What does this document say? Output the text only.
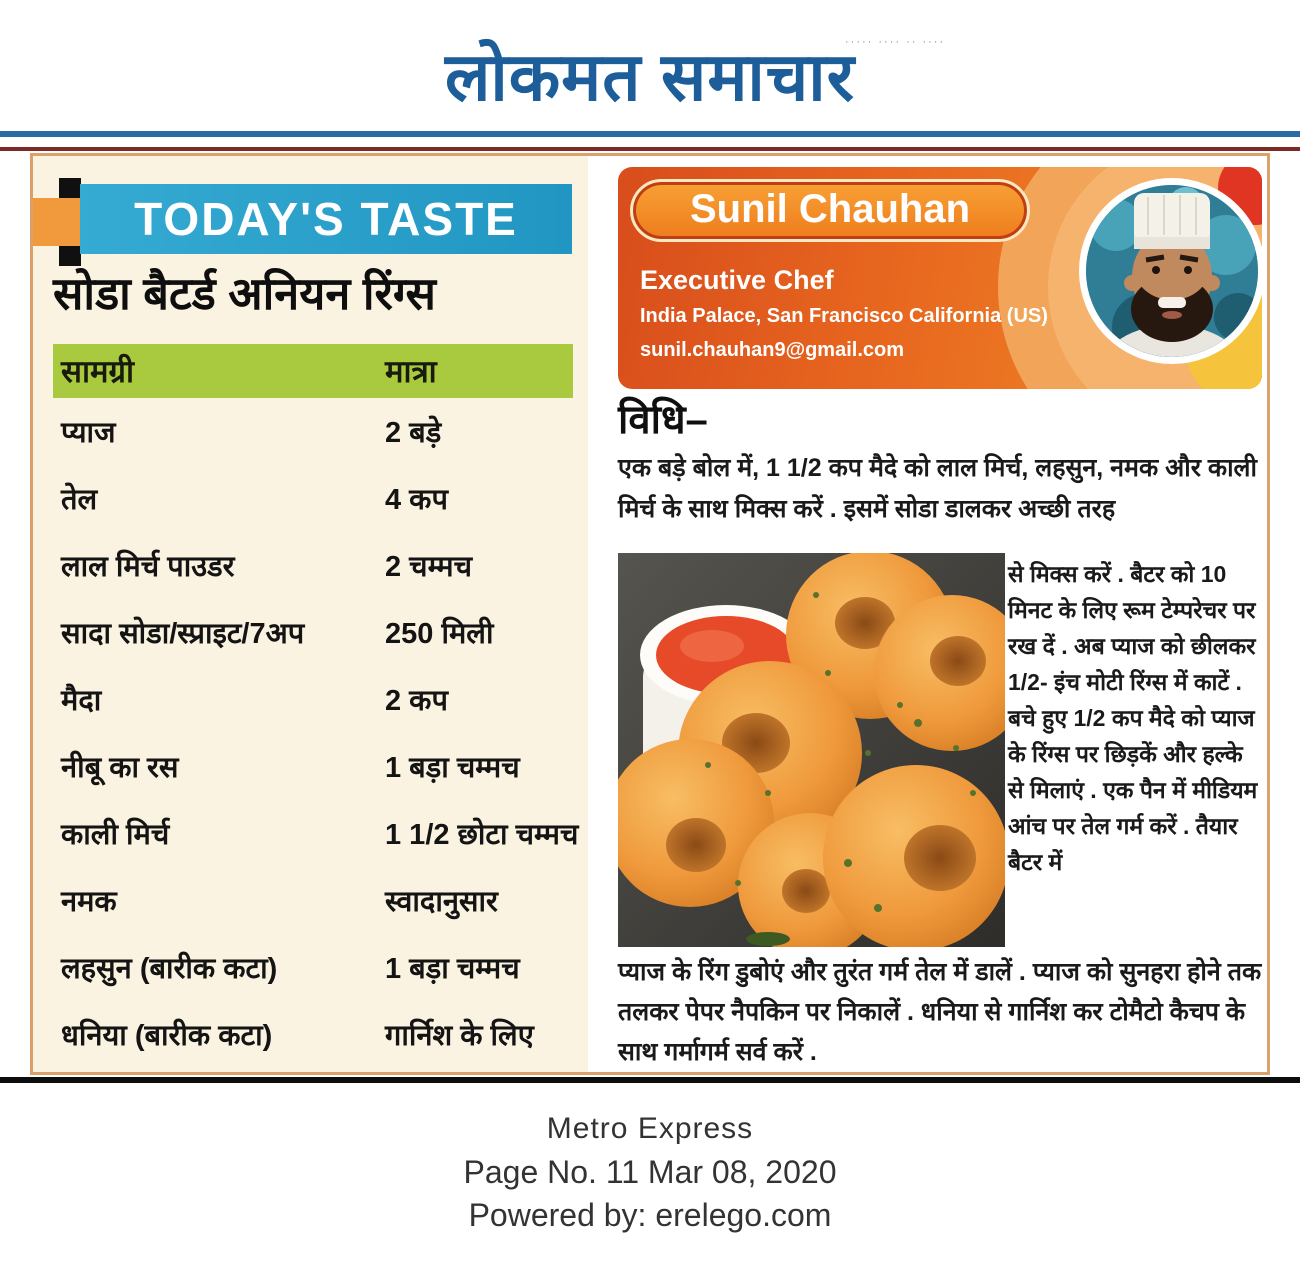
लोकमत समाचार
····· ···· ·· ····
TODAY'S TASTE
सोडा बैटर्ड अनियन रिंग्स
सामग्री	मात्रा
प्याज	2 बड़े
तेल	4 कप
लाल मिर्च पाउडर	2 चम्मच
सादा सोडा/स्प्राइट/7अप	250 मिली
मैदा	2 कप
नीबू का रस	1 बड़ा चम्मच
काली मिर्च	1 1/2 छोटा चम्मच
नमक	स्वादानुसार
लहसुन (बारीक कटा)	1 बड़ा चम्मच
धनिया (बारीक कटा)	गार्निश के लिए
Sunil Chauhan
Executive Chef
India Palace, San Francisco California (US)
sunil.chauhan9@gmail.com
विधि–
एक बड़े बोल में, 1 1/2 कप मैदे को लाल मिर्च, लहसुन, नमक और काली मिर्च के साथ मिक्स करें . इसमें सोडा डालकर अच्छी तरह
से मिक्स करें . बैटर को 10 मिनट के लिए रूम टेम्परेचर पर रख दें . अब प्याज को छीलकर 1/2- इंच मोटी रिंग्स में काटें . बचे हुए 1/2 कप मैदे को प्याज के रिंग्स पर छिड़कें और हल्के से मिलाएं . एक पैन में मीडियम आंच पर तेल गर्म करें . तैयार बैटर में
प्याज के रिंग डुबोएं और तुरंत गर्म तेल में डालें . प्याज को सुनहरा होने तक तलकर पेपर नैपकिन पर निकालें . धनिया से गार्निश कर टोमैटो कैचप के साथ गर्मागर्म सर्व करें .
Metro Express
Page No. 11 Mar 08, 2020
Powered by: erelego.com
